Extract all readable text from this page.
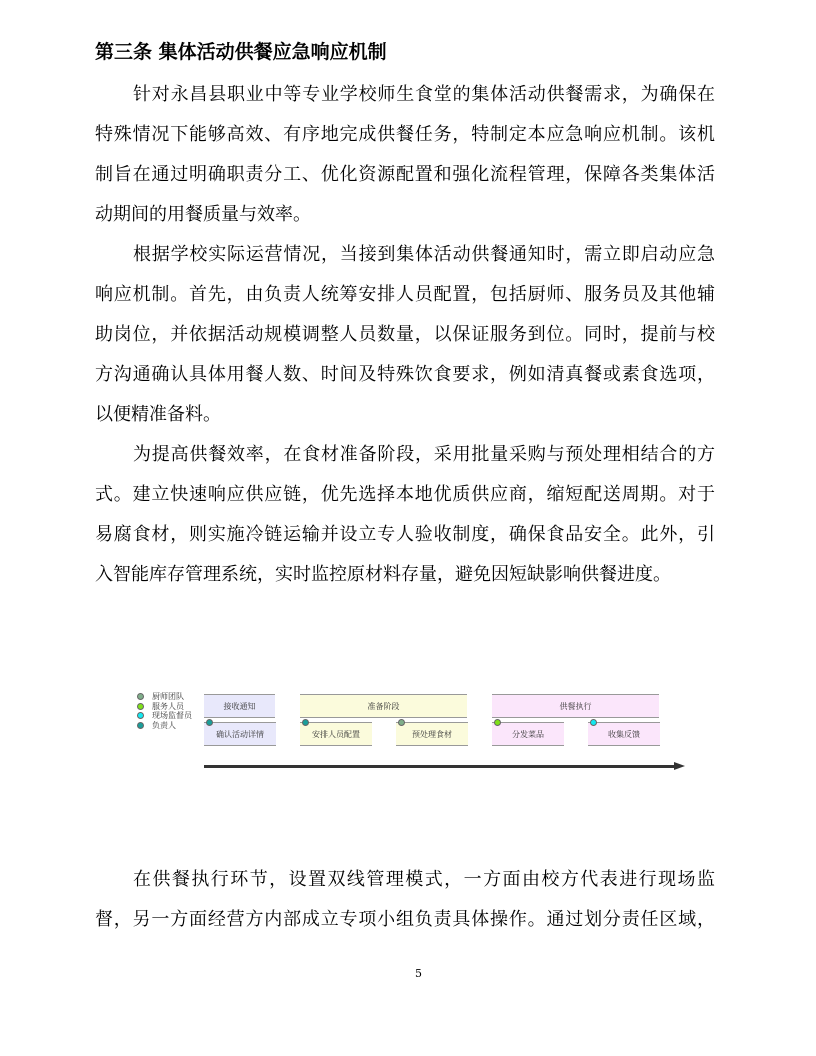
第三条 集体活动供餐应急响应机制
针对永昌县职业中等专业学校师生食堂的集体活动供餐需求，为确保在
特殊情况下能够高效、有序地完成供餐任务，特制定本应急响应机制。该机
制旨在通过明确职责分工、优化资源配置和强化流程管理，保障各类集体活
动期间的用餐质量与效率。
根据学校实际运营情况，当接到集体活动供餐通知时，需立即启动应急
响应机制。首先，由负责人统筹安排人员配置，包括厨师、服务员及其他辅
助岗位，并依据活动规模调整人员数量，以保证服务到位。同时，提前与校
方沟通确认具体用餐人数、时间及特殊饮食要求，例如清真餐或素食选项，
以便精准备料。
为提高供餐效率，在食材准备阶段，采用批量采购与预处理相结合的方
式。建立快速响应供应链，优先选择本地优质供应商，缩短配送周期。对于
易腐食材，则实施冷链运输并设立专人验收制度，确保食品安全。此外，引
入智能库存管理系统，实时监控原材料存量，避免因短缺影响供餐进度。
厨师团队
服务人员
现场监督员
负责人
接收通知	准备阶段	供餐执行
确认活动详情	安排人员配置	预处理食材	分发菜品	收集反馈
在供餐执行环节，设置双线管理模式，一方面由校方代表进行现场监
督，另一方面经营方内部成立专项小组负责具体操作。通过划分责任区域，
5
